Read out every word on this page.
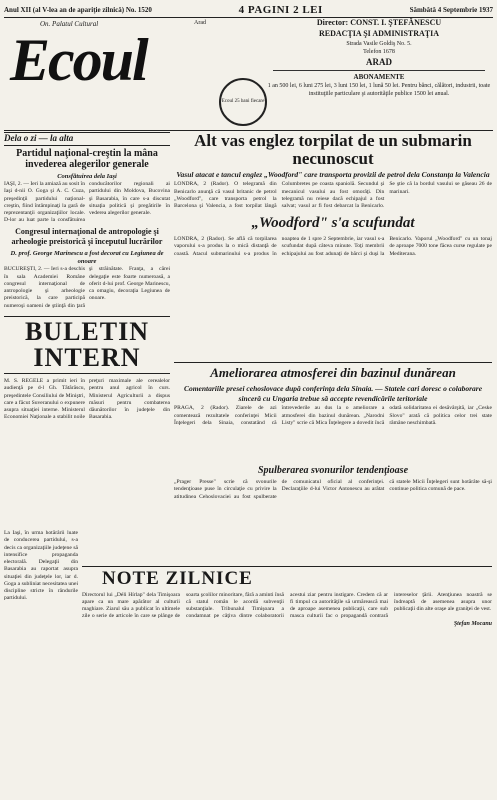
Anul XII (al V-lea an de apariţie zilnică) No. 1520	4 PAGINI 2 LEI	Sâmbătă 4 Septembrie 1937
On. Palatul Cultural	Arad
Ecoul
Ecoul 25 bani fiecare
Director: CONST. I. ŞTEFĂNESCU
REDACŢIA ŞI ADMINISTRAŢIA
Strada Vasile Goldiş No. 5.
Telefon 1678
ARAD
ABONAMENTE
1 an 500 lei, 6 luni 275 lei, 3 luni 150 lei, 1 lună 50 lei. Pentru bănci, călători, industrii, toate instituţiile particulare şi autorităţile publice 1500 lei anual.
Dela o zi — la alta
Partidul naţional-creştin la mâna invederea alegerilor generale
Consfătuirea dela Iaşi
IAŞI, 2. — Ieri la amiază au sosit în Iaşi d-nii O. Goga şi A. C. Cuza, preşedinţii partidului naţional-creştin, fiind întâmpinaţi la gară de reprezentanţii organizaţiilor locale. D-lor au luat parte la consfătuirea conducătorilor regionali ai partidului din Moldova, Bucovina şi Basarabia, în care s-a discutat situaţia politică şi pregătirile în vederea alegerilor generale.
Congresul internaţional de antropologie şi arheologie preistorică şi începutul lucrărilor
D. prof. George Marinescu a fost decorat cu Legiunea de onoare
BUCUREŞTI, 2. — Ieri s-a deschis în sala Academiei Române congresul internaţional de antropologie şi arheologie preistorică, la care participă numeroşi oameni de ştiinţă din ţară şi străinătate. Franţa, a cărei delegaţie este foarte numeroasă, a oferit d-lui prof. George Marinescu, ca omagiu, decoraţia Legiunea de onoare.
BULETIN INTERN
M. S. REGELE a primit ieri în audienţă pe d-l Gh. Tătărăscu, preşedintele Consiliului de Miniştri, care a făcut Suveranului o expunere asupra situaţiei interne. Ministerul Economiei Naţionale a stabilit noile preţuri maximale ale cerealelor pentru anul agricol în curs. Ministerul Agriculturii a dispus măsuri pentru combaterea dăunătorilor în judeţele din Basarabia.
Alt vas englez torpilat de un submarin necunoscut
Vasul atacat e tancul englez „Woodford" care transporta provizii de petrol dela Constanţa la Valencia
LONDRA, 2 (Rador). O telegramă din Benicarlo anunţă că vasul britanic de petrol „Woodford", care transporta petrol la Barcelona şi Valencia, a fost torpilat lângă Columbretes pe coasta spaniolă. Secundul şi mecanicul vasului au fost omorâţi. Din telegramă nu reiese dacă echipajul a fost salvat; vasul ar fi fost debarcat la Benicarlo. Se ştie că la bordul vasului se găseau 26 de marinari.
„Woodford" s'a scufundat
LONDRA, 2 (Rador). Se află că torpilarea vaporului s-a produs la o mică distanţă de coastă. Atacul submarinului s-a produs în noaptea de 1 spre 2 Septembrie, iar vasul s-a scufundat după câteva minute. Toţi membrii echipajului au fost adunaţi de bărci şi duşi la Benicarlo. Vaporul „Woodford" cu un tonaj de aproape 7000 tone făcea curse regulate pe Mediterana.
Ameliorarea atmosferei din bazinul dunărean
Comentariile presei cehoslovace după conferinţa dela Sinaia. — Statele cari doresc o colaborare sinceră cu Ungaria trebue să accepte revendicările teritoriale
PRAGA, 2 (Rador). Ziarele de azi comentează rezultatele conferinţei Micii Înţelegeri dela Sinaia, constatând că întrevederile au dus la o ameliorare a atmosferei din bazinul dunărean. „Narodni Listy" scrie că Mica Înţelegere a dovedit încă odată solidaritatea ei desăvârşită, iar „Ceske Slovo" arată că politica celor trei state rămâne neschimbată.
Spulberarea svonurilor tendenţioase
„Prager Presse" scrie că svonurile tendenţioase puse în circulaţie cu privire la atitudinea Cehoslovaciei au fost spulberate de comunicatul oficial al conferinţei. Declaraţiile d-lui Victor Antonescu au arătat că statele Micii Înţelegeri sunt hotărâte să-şi continue politica comună de pace.
La Iaşi, în urma hotărârii luate de conducerea partidului, s-a decis ca organizaţiile judeţene să intensifice propaganda electorală. Delegaţii din Basarabia au raportat asupra situaţiei din judeţele lor, iar d. Goga a subliniat necesitatea unei discipline stricte în rândurile partidului.
NOTE ZILNICE
Directorul lui „Déli Hírlap" dela Timişoara apare ca un mare apărător al culturii maghiare. Ziarul său a publicat în ultimele zile o serie de articole în care se plânge de soarta şcolilor minoritare, fără a aminti însă că statul român le acordă subvenţii substanţiale. Tribunalul Timişoara a condamnat pe câţiva dintre colaboratorii acestui ziar pentru instigare. Credem că ar fi timpul ca autorităţile să urmărească mai de aproape asemenea publicaţii, care sub masca culturii fac o propagandă contrară intereselor ţării. Atenţiunea noastră se îndreaptă de asemenea asupra unor publicaţii din alte oraşe ale graniţei de vest.
Ştefan Mocanu
